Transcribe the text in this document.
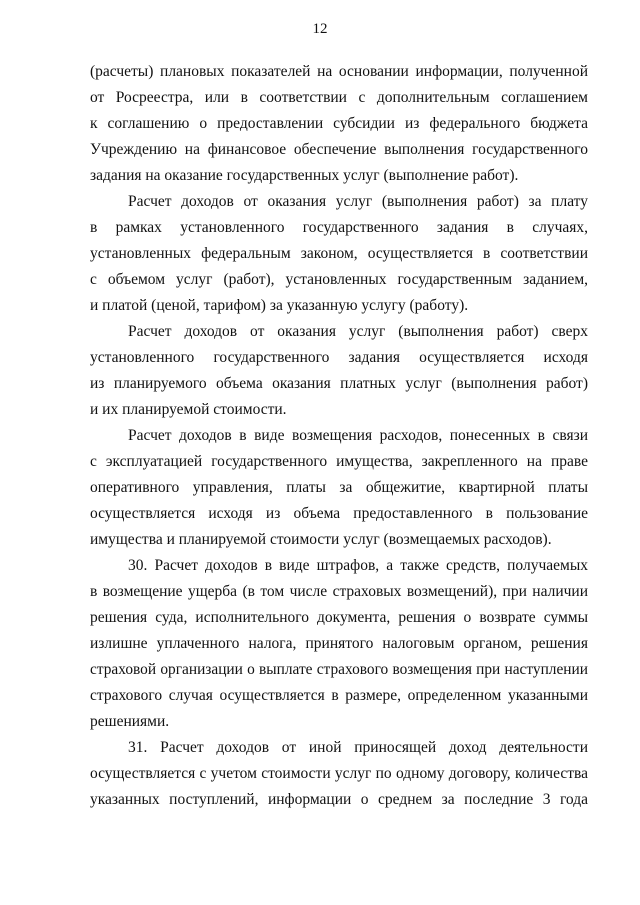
12
(расчеты) плановых показателей на основании информации, полученной
от Росреестра, или в соответствии с дополнительным соглашением
к соглашению о предоставлении субсидии из федерального бюджета
Учреждению на финансовое обеспечение выполнения государственного
задания на оказание государственных услуг (выполнение работ).
Расчет доходов от оказания услуг (выполнения работ) за плату
в рамках установленного государственного задания в случаях,
установленных федеральным законом, осуществляется в соответствии
с объемом услуг (работ), установленных государственным заданием,
и платой (ценой, тарифом) за указанную услугу (работу).
Расчет доходов от оказания услуг (выполнения работ) сверх
установленного государственного задания осуществляется исходя
из планируемого объема оказания платных услуг (выполнения работ)
и их планируемой стоимости.
Расчет доходов в виде возмещения расходов, понесенных в связи
с эксплуатацией государственного имущества, закрепленного на праве
оперативного управления, платы за общежитие, квартирной платы
осуществляется исходя из объема предоставленного в пользование
имущества и планируемой стоимости услуг (возмещаемых расходов).
30. Расчет доходов в виде штрафов, а также средств, получаемых
в возмещение ущерба (в том числе страховых возмещений), при наличии
решения суда, исполнительного документа, решения о возврате суммы
излишне уплаченного налога, принятого налоговым органом, решения
страховой организации о выплате страхового возмещения при наступлении
страхового случая осуществляется в размере, определенном указанными
решениями.
31. Расчет доходов от иной приносящей доход деятельности
осуществляется с учетом стоимости услуг по одному договору, количества
указанных поступлений, информации о среднем за последние 3 года
